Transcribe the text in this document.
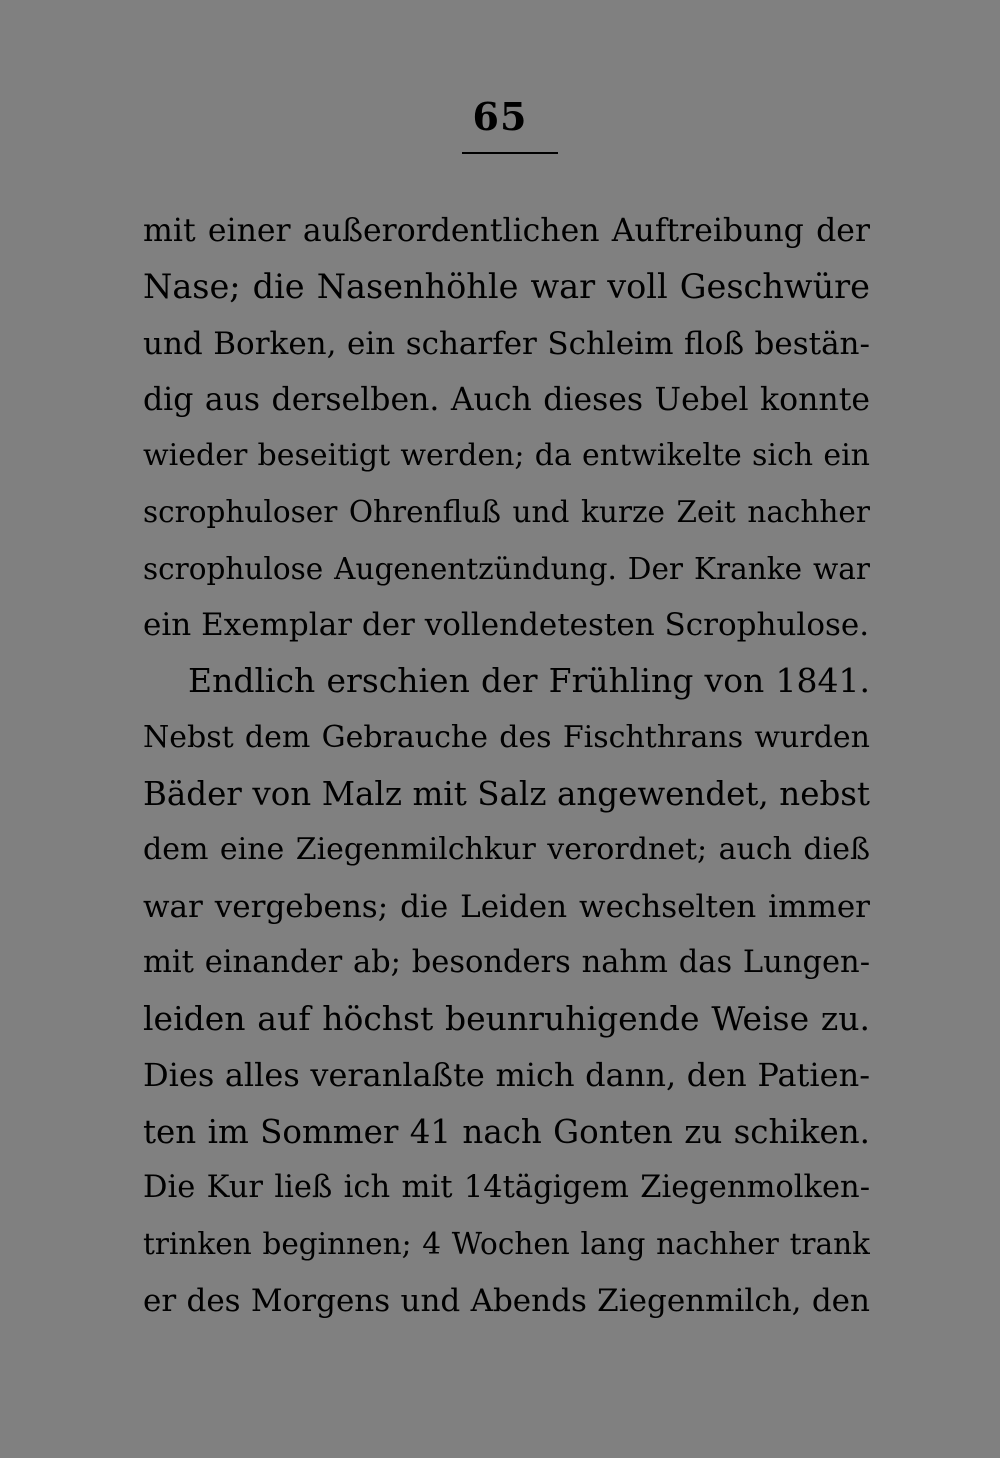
65
mit einer außerordentlichen Auftreibung der
Nase; die Nasenhöhle war voll Geschwüre
und Borken, ein scharfer Schleim floß bestän-
dig aus derselben. Auch dieses Uebel konnte
wieder beseitigt werden; da entwikelte sich ein
scrophuloser Ohrenfluß und kurze Zeit nachher
scrophulose Augenentzündung. Der Kranke war
ein Exemplar der vollendetesten Scrophulose.
Endlich erschien der Frühling von 1841.
Nebst dem Gebrauche des Fischthrans wurden
Bäder von Malz mit Salz angewendet, nebst
dem eine Ziegenmilchkur verordnet; auch dieß
war vergebens; die Leiden wechselten immer
mit einander ab; besonders nahm das Lungen-
leiden auf höchst beunruhigende Weise zu.
Dies alles veranlaßte mich dann, den Patien-
ten im Sommer 41 nach Gonten zu schiken.
Die Kur ließ ich mit 14tägigem Ziegenmolken-
trinken beginnen; 4 Wochen lang nachher trank
er des Morgens und Abends Ziegenmilch, den
